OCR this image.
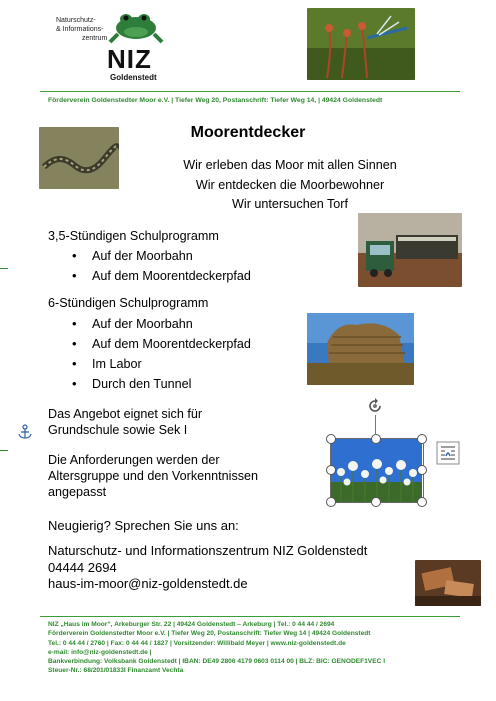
Naturschutz-
& Informations-
zentrum
NIZ
Goldenstedt
Förderverein Goldenstedter Moor e.V. | Tiefer Weg 20, Postanschrift: Tiefer Weg 14, | 49424 Goldenstedt
Moorentdecker
Wir erleben das Moor mit allen Sinnen
Wir entdecken die Moorbewohner
Wir untersuchen Torf
3,5-Stündigen Schulprogramm
• Auf der Moorbahn
• Auf dem Moorentdeckerpfad
6-Stündigen Schulprogramm
• Auf der Moorbahn
• Auf dem Moorentdeckerpfad
• Im Labor
• Durch den Tunnel
Das Angebot eignet sich für
Grundschule sowie Sek I
Die Anforderungen werden der
Altersgruppe und den Vorkenntnissen
angepasst
Neugierig? Sprechen Sie uns an:
Naturschutz- und Informationszentrum NIZ Goldenstedt
04444 2694
haus-im-moor@niz-goldenstedt.de
NIZ „Haus im Moor“, Arkeburger Str. 22 | 49424 Goldenstedt – Arkeburg | Tel.: 0 44 44 / 2694
Förderverein Goldenstedter Moor e.V. | Tiefer Weg 20, Postanschrift: Tiefer Weg 14 | 49424 Goldenstedt
Tel.: 0 44 44 / 2760 | Fax: 0 44 44 / 1827 | Vorsitzender: Willibald Meyer | www.niz-goldenstedt.de
e-mail: info@niz-goldenstedt.de |
Bankverbindung: Volksbank Goldenstedt | IBAN: DE49 2806 4179 0603 0114 00 | BLZ: BIC: GENODEF1VEC I
Steuer-Nr.: 68/201/01833I Finanzamt Vechta
